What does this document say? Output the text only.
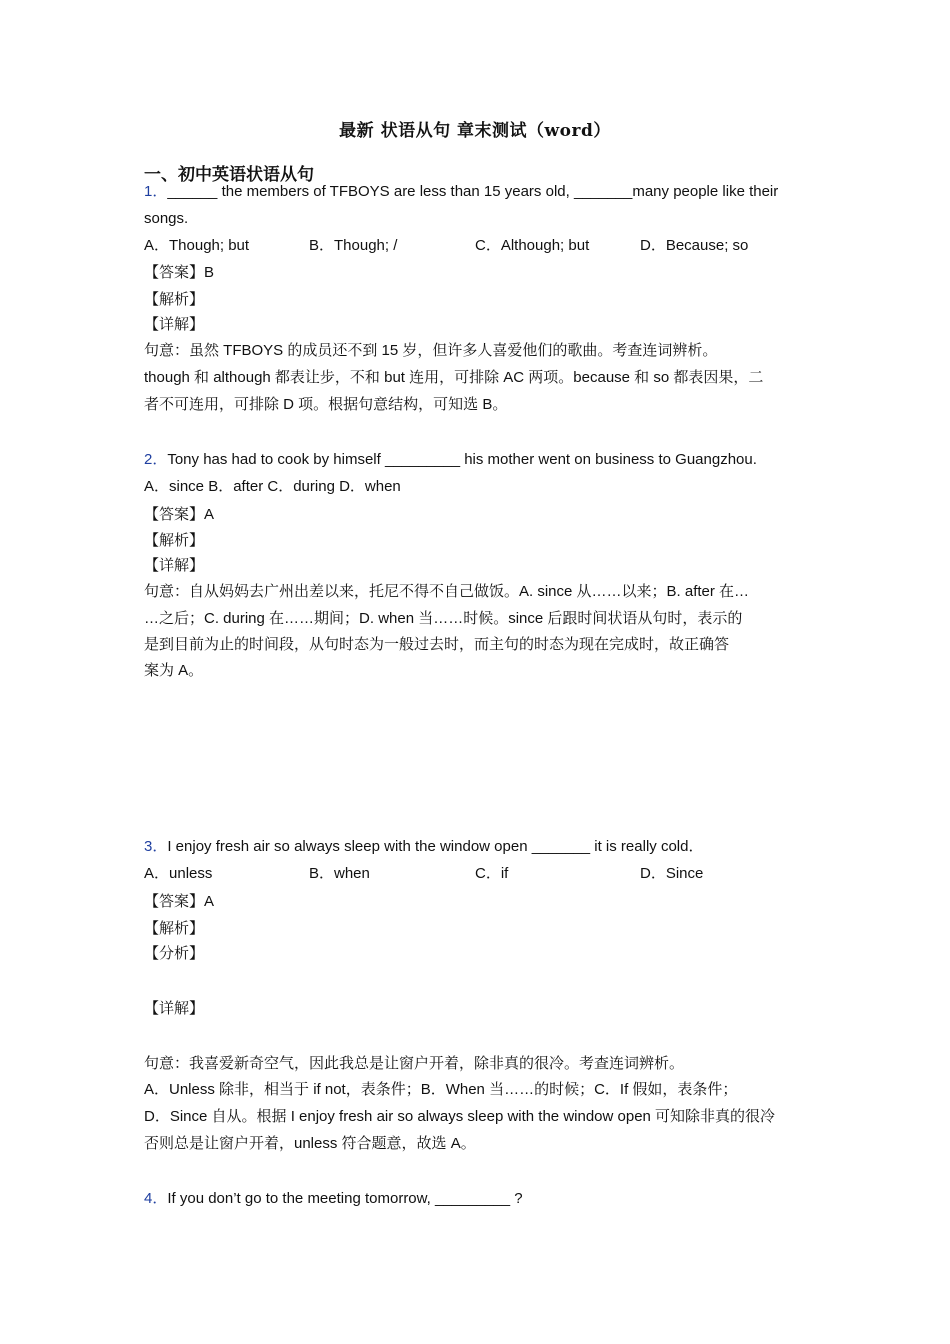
最新 状语从句 章末测试（word）
一、初中英语状语从句
1．______ the members of TFBOYS are less than 15 years old, _______many people like their
songs.
A．Though; but	B．Though; /	C．Although; but	D．Because; so
【答案】B
【解析】
【详解】
句意：虽然 TFBOYS 的成员还不到 15 岁，但许多人喜爱他们的歌曲。考查连词辨析。
though 和 although 都表让步，不和 but 连用，可排除 AC 两项。because 和 so 都表因果，二
者不可连用，可排除 D 项。根据句意结构，可知选 B。
2．Tony has had to cook by himself _________ his mother went on business to Guangzhou.
A．since B．after C．during D．when
【答案】A
【解析】
【详解】
句意：自从妈妈去广州出差以来，托尼不得不自己做饭。A. since 从……以来；B. after 在…
…之后；C. during 在……期间；D. when 当……时候。since 后跟时间状语从句时，表示的
是到目前为止的时间段，从句时态为一般过去时，而主句的时态为现在完成时，故正确答
案为 A。
3．I enjoy fresh air so always sleep with the window open _______ it is really cold．
A．unless	B．when	C．if	D．Since
【答案】A
【解析】
【分析】
【详解】
句意：我喜爱新奇空气，因此我总是让窗户开着，除非真的很冷。考查连词辨析。
A．Unless 除非，相当于 if not，表条件；B．When 当……的时候；C．If 假如，表条件；
D．Since 自从。根据 I enjoy fresh air so always sleep with the window open 可知除非真的很冷
否则总是让窗户开着，unless 符合题意，故选 A。
4．If you don’t go to the meeting tomorrow, _________ ?
